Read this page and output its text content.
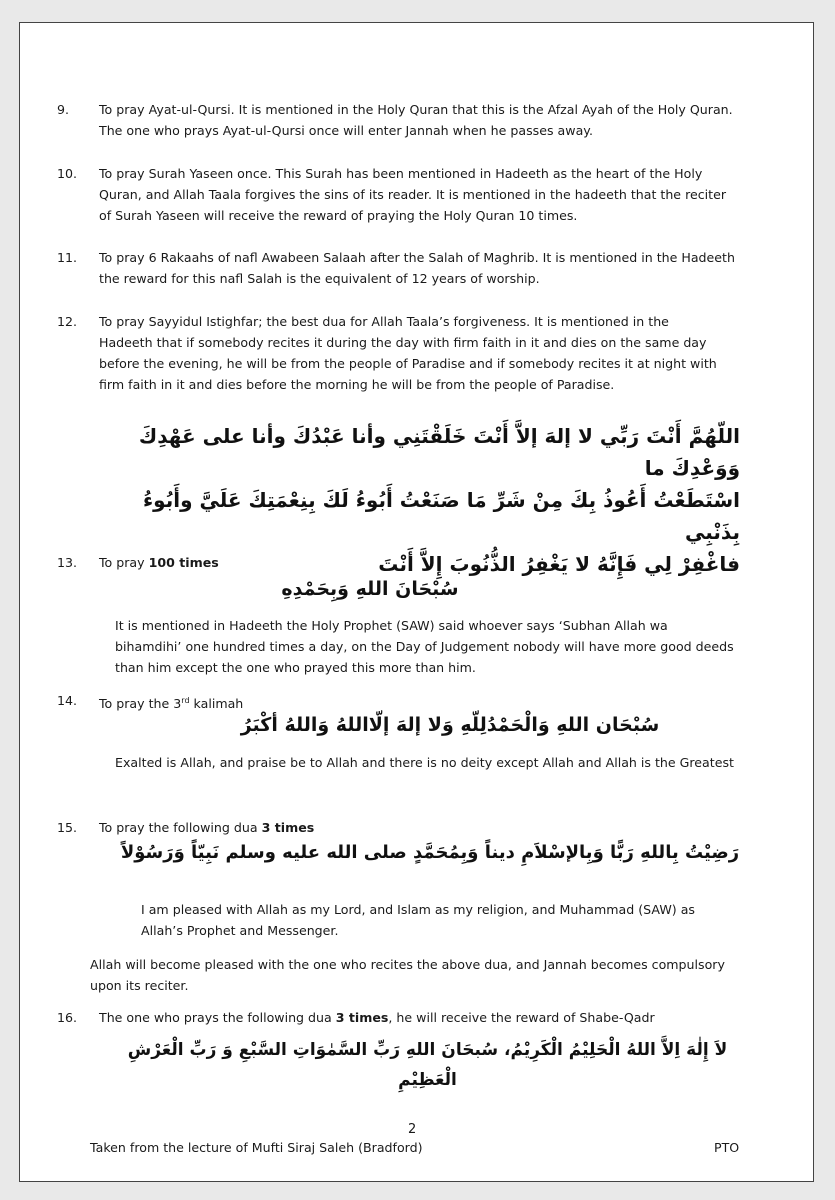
9. To pray Ayat-ul-Qursi. It is mentioned in the Holy Quran that this is the Afzal Ayah of the Holy Quran. The one who prays Ayat-ul-Qursi once will enter Jannah when he passes away.
10. To pray Surah Yaseen once. This Surah has been mentioned in Hadeeth as the heart of the Holy Quran, and Allah Taala forgives the sins of its reader. It is mentioned in the hadeeth that the reciter of Surah Yaseen will receive the reward of praying the Holy Quran 10 times.
11. To pray 6 Rakaahs of nafl Awabeen Salaah after the Salah of Maghrib. It is mentioned in the Hadeeth the reward for this nafl Salah is the equivalent of 12 years of worship.
12. To pray Sayyidul Istighfar; the best dua for Allah Taala’s forgiveness. It is mentioned in the Hadeeth that if somebody recites it during the day with firm faith in it and dies on the same day before the evening, he will be from the people of Paradise and if somebody recites it at night with firm faith in it and dies before the morning he will be from the people of Paradise.
اللّهُمَّ أَنْتَ رَبِّي لا إلهَ إلاَّ أَنْتَ خَلَقْتَنِي وأنا عَبْدُكَ وأنا على عَهْدِكَ وَوَعْدِكَ ما
اسْتَطَعْتُ أَعُوذُ بِكَ مِنْ شَرِّ مَا صَنَعْتُ أَبُوءُ لَكَ بِنِعْمَتِكَ عَلَيَّ وأَبُوءُ بِذَنْبِي
فاغْفِرْ لِي فَإِنَّهُ لا يَغْفِرُ الذُّنُوبَ إِلاَّ أَنْتَ
13. To pray 100 times
سُبْحَانَ اللهِ وَبِحَمْدِهِ
It is mentioned in Hadeeth the Holy Prophet (SAW) said whoever says ‘Subhan Allah wa bihamdihi’ one hundred times a day, on the Day of Judgement nobody will have more good deeds than him except the one who prayed this more than him.
14. To pray the 3rd kalimah
سُبْحَان اللهِ وَالْحَمْدُلِلّهِ وَلا إلهَ إلّااللهُ وَاللهُ أكْبَرُ
Exalted is Allah, and praise be to Allah and there is no deity except Allah and Allah is the Greatest
15. To pray the following dua 3 times
رَضِيْتُ بِاللهِ رَبًّا وَبِالإسْلاَمِ ديناً وَبِمُحَمَّدٍ صلى الله عليه وسلم نَبِيّاً وَرَسُوْلاً
I am pleased with Allah as my Lord, and Islam as my religion, and Muhammad (SAW) as Allah’s Prophet and Messenger.
Allah will become pleased with the one who recites the above dua, and Jannah becomes compulsory upon its reciter.
16. The one who prays the following dua 3 times, he will receive the reward of Shabe-Qadr
لاَ إِلٰهَ اِلاَّ اللهُ الْحَلِيْمُ الْكَرِيْمُ، سُبحَانَ اللهِ رَبِّ السَّمٰوَاتِ السَّبْعِ وَ رَبِّ الْعَرْشِ الْعَظِيْمِ
2
Taken from the lecture of Mufti Siraj Saleh (Bradford)	PTO
